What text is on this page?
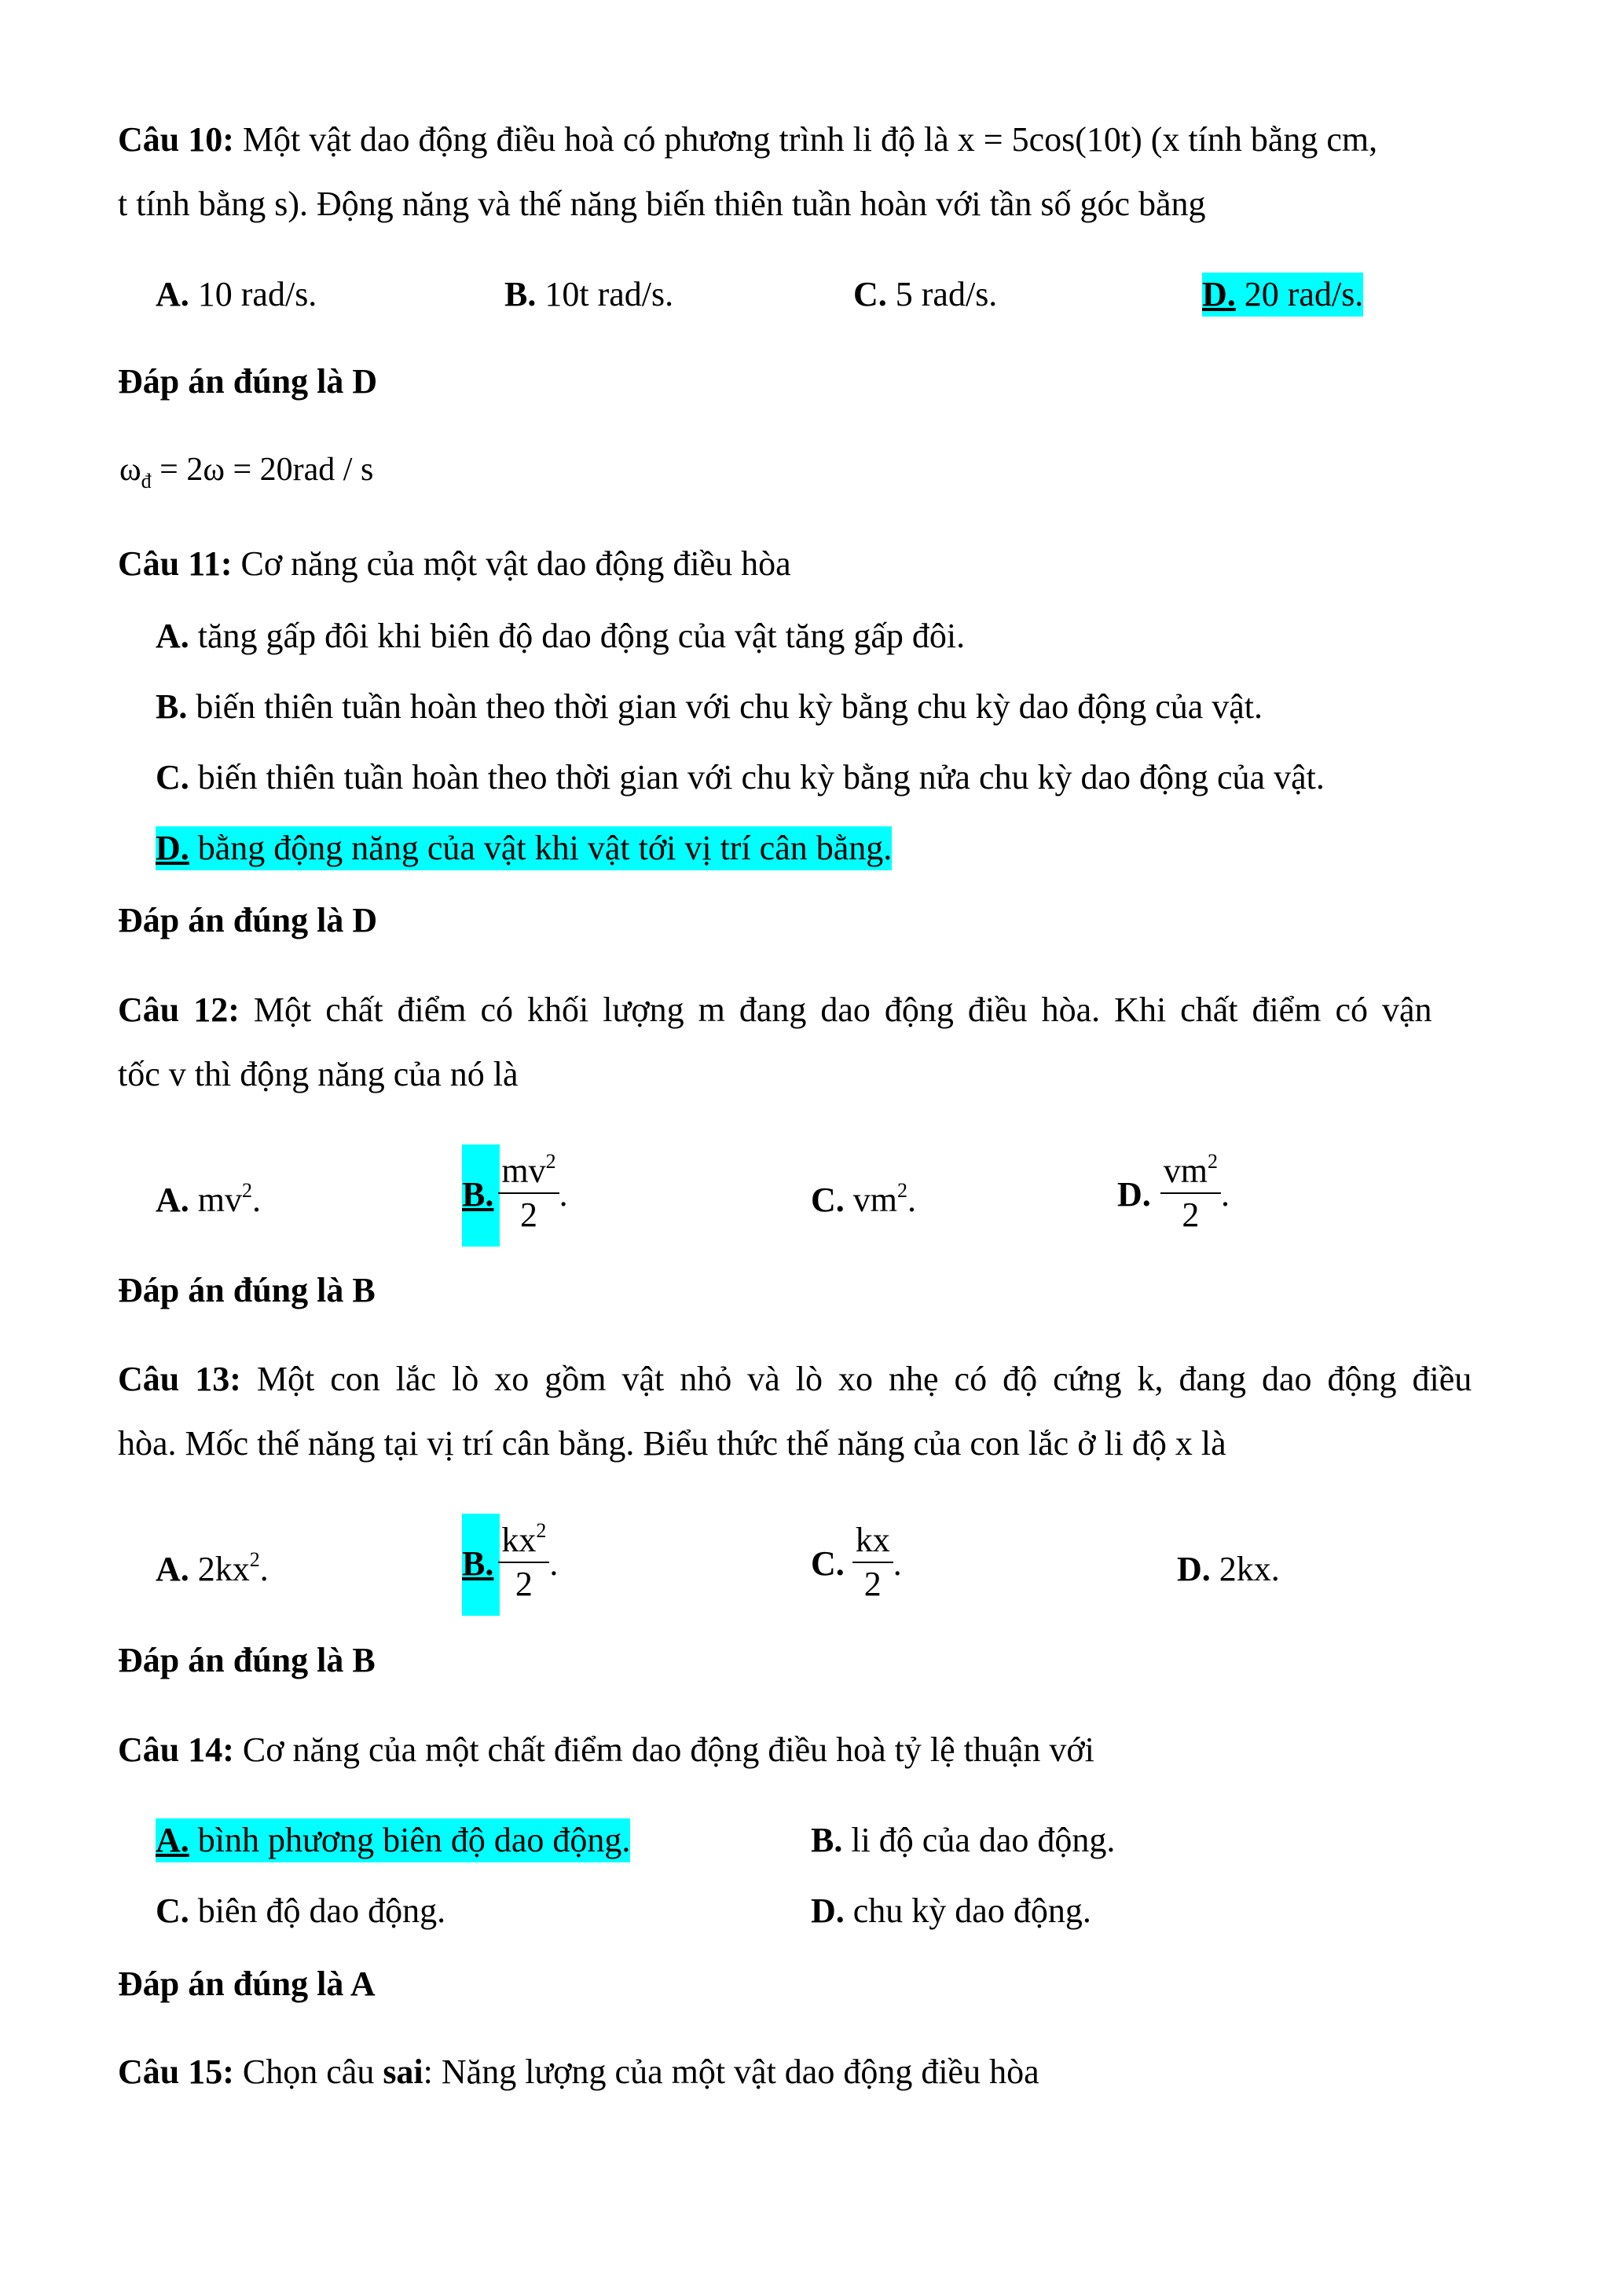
Câu 10: Một vật dao động điều hoà có phương trình li độ là x = 5cos(10t) (x tính bằng cm,
t tính bằng s). Động năng và thế năng biến thiên tuần hoàn với tần số góc bằng
A. 10 rad/s.	B. 10t rad/s.	C. 5 rad/s.	D. 20 rad/s.
Đáp án đúng là D
$\omega_đ = 2\omega = 20rad / s$
Câu 11: Cơ năng của một vật dao động điều hòa
A. tăng gấp đôi khi biên độ dao động của vật tăng gấp đôi.
B. biến thiên tuần hoàn theo thời gian với chu kỳ bằng chu kỳ dao động của vật.
C. biến thiên tuần hoàn theo thời gian với chu kỳ bằng nửa chu kỳ dao động của vật.
D. bằng động năng của vật khi vật tới vị trí cân bằng.
Đáp án đúng là D
Câu 12: Một chất điểm có khối lượng m đang dao động điều hòa. Khi chất điểm có vận
tốc v thì động năng của nó là
A. $mv^2$.	B. $\frac{mv^2}{2}$ .	C. $vm^2$.	D. $\frac{vm^2}{2}$ .
Đáp án đúng là B
Câu 13: Một con lắc lò xo gồm vật nhỏ và lò xo nhẹ có độ cứng k, đang dao động điều
hòa. Mốc thế năng tại vị trí cân bằng. Biểu thức thế năng của con lắc ở li độ x là
A. $2kx^2$.	B. $\frac{kx^2}{2}$ .	C. $\frac{kx}{2}$ .	D. 2kx.
Đáp án đúng là B
Câu 14: Cơ năng của một chất điểm dao động điều hoà tỷ lệ thuận với
A. bình phương biên độ dao động.	B. li độ của dao động.
C. biên độ dao động.	D. chu kỳ dao động.
Đáp án đúng là A
Câu 15: Chọn câu sai: Năng lượng của một vật dao động điều hòa
